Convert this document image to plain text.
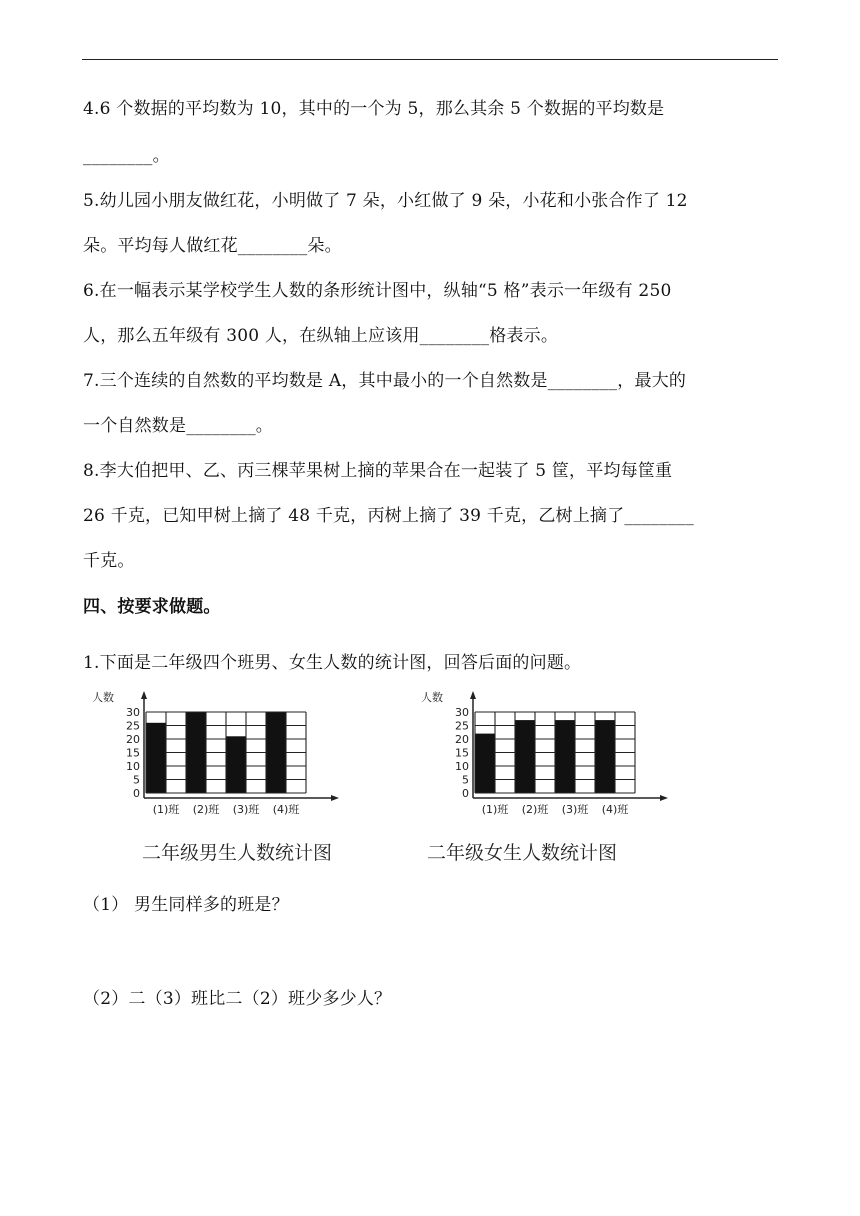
4.6 个数据的平均数为 10，其中的一个为 5，那么其余 5 个数据的平均数是
________。
5.幼儿园小朋友做红花，小明做了 7 朵，小红做了 9 朵，小花和小张合作了 12
朵。平均每人做红花________朵。
6.在一幅表示某学校学生人数的条形统计图中，纵轴“5 格”表示一年级有 250
人，那么五年级有 300 人，在纵轴上应该用________格表示。
7.三个连续的自然数的平均数是 A，其中最小的一个自然数是________，最大的
一个自然数是________。
8.李大伯把甲、乙、丙三棵苹果树上摘的苹果合在一起装了 5 筐，平均每筐重
26 千克，已知甲树上摘了 48 千克，丙树上摘了 39 千克，乙树上摘了________
千克。
四、按要求做题。
1.下面是二年级四个班男、女生人数的统计图，回答后面的问题。
人数
30
25
20
15
10
5
0
(1)班 (2)班 (3)班 (4)班
二年级男生人数统计图
人数
30
25
20
15
10
5
0
(1)班 (2)班 (3)班 (4)班
二年级女生人数统计图
（1） 男生同样多的班是？
（2）二（3）班比二（2）班少多少人？
